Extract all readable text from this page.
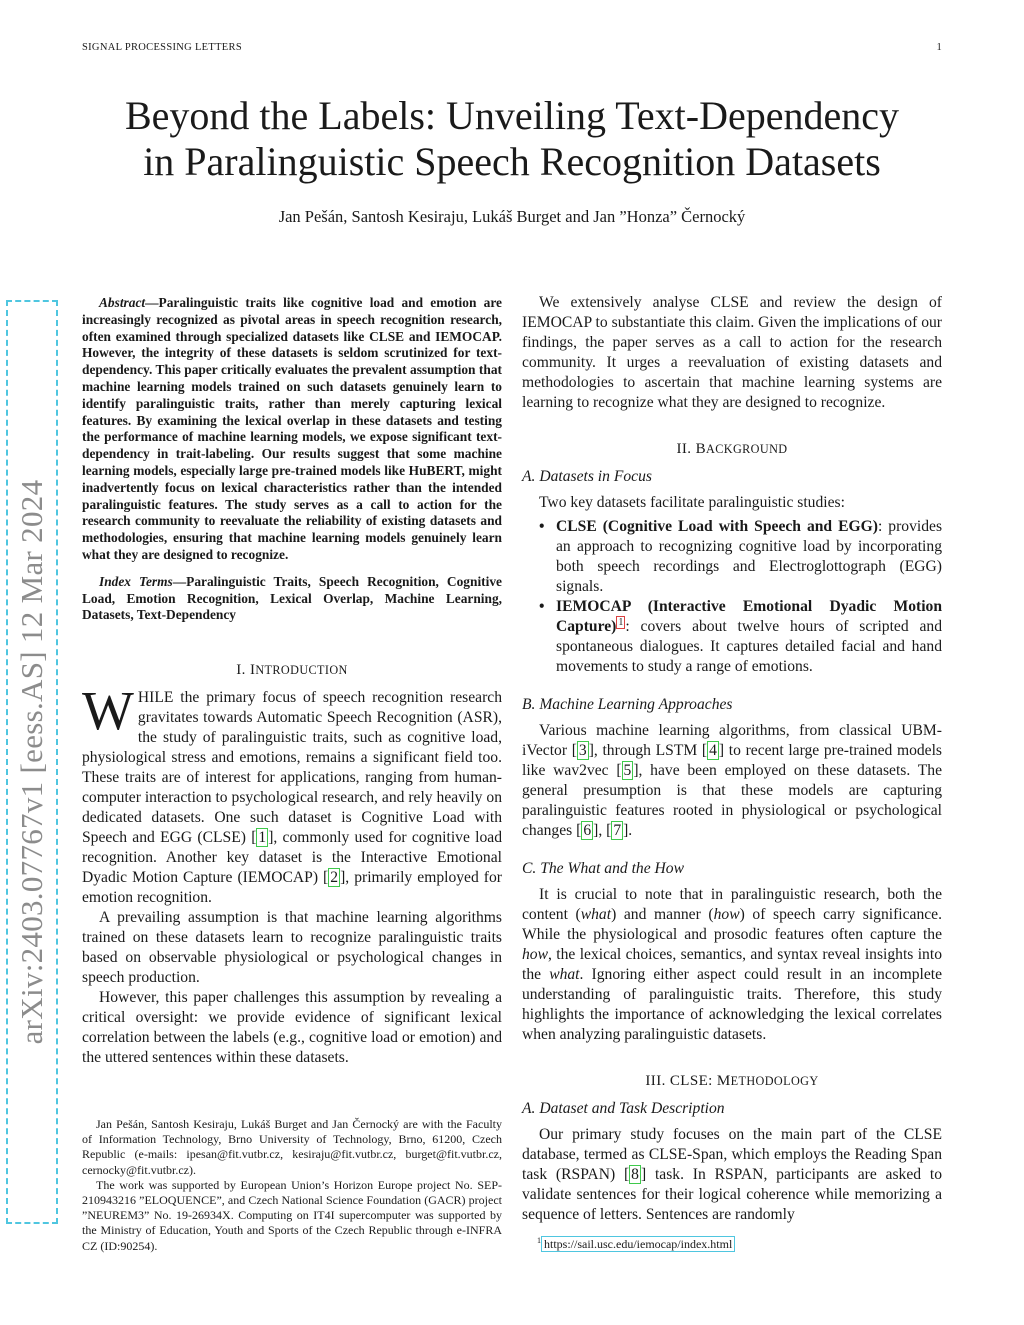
SIGNAL PROCESSING LETTERS	1
Beyond the Labels: Unveiling Text-Dependency
in Paralinguistic Speech Recognition Datasets
Jan Pešán, Santosh Kesiraju, Lukáš Burget and Jan ”Honza” Černocký
arXiv:2403.07767v1 [eess.AS] 12 Mar 2024

Abstract—Paralinguistic traits like cognitive load and emotion are increasingly recognized as pivotal areas in speech recognition research, often examined through specialized datasets like CLSE and IEMOCAP. However, the integrity of these datasets is seldom scrutinized for text-dependency. This paper critically evaluates the prevalent assumption that machine learning models trained on such datasets genuinely learn to identify paralinguistic traits, rather than merely capturing lexical features. By examining the lexical overlap in these datasets and testing the performance of machine learning models, we expose significant text-dependency in trait-labeling. Our results suggest that some machine learning models, especially large pre-trained models like HuBERT, might inadvertently focus on lexical characteristics rather than the intended paralinguistic features. The study serves as a call to action for the research community to reevaluate the reliability of existing datasets and methodologies, ensuring that machine learning models genuinely learn what they are designed to recognize.

Index Terms—Paralinguistic Traits, Speech Recognition, Cognitive Load, Emotion Recognition, Lexical Overlap, Machine Learning, Datasets, Text-Dependency

I. INTRODUCTION

WHILE the primary focus of speech recognition research gravitates towards Automatic Speech Recognition (ASR), the study of paralinguistic traits, such as cognitive load, physiological stress and emotions, remains a significant field too. These traits are of interest for applications, ranging from human-computer interaction to psychological research, and rely heavily on dedicated datasets. One such dataset is Cognitive Load with Speech and EGG (CLSE) [ 1 ], commonly used for cognitive load recognition. Another key dataset is the Interactive Emotional Dyadic Motion Capture (IEMOCAP) [ 2 ], primarily employed for emotion recognition.

A prevailing assumption is that machine learning algorithms trained on these datasets learn to recognize paralinguistic traits based on observable physiological or psychological changes in speech production.

However, this paper challenges this assumption by revealing a critical oversight: we provide evidence of significant lexical correlation between the labels (e.g., cognitive load or emotion) and the uttered sentences within these datasets.

Jan Pešán, Santosh Kesiraju, Lukáš Burget and Jan Černocký are with the Faculty of Information Technology, Brno University of Technology, Brno, 61200, Czech Republic (e-mails: ipesan@fit.vutbr.cz, kesiraju@fit.vutbr.cz, burget@fit.vutbr.cz, cernocky@fit.vutbr.cz).

The work was supported by European Union’s Horizon Europe project No. SEP-210943216 ”ELOQUENCE”, and Czech National Science Foundation (GACR) project ”NEUREM3” No. 19-26934X. Computing on IT4I supercomputer was supported by the Ministry of Education, Youth and Sports of the Czech Republic through e-INFRA CZ (ID:90254).

We extensively analyse CLSE and review the design of IEMOCAP to substantiate this claim. Given the implications of our findings, the paper serves as a call to action for the research community. It urges a reevaluation of existing datasets and methodologies to ascertain that machine learning systems are learning to recognize what they are designed to recognize.

II. BACKGROUND
A. Datasets in Focus

Two key datasets facilitate paralinguistic studies:

• CLSE (Cognitive Load with Speech and EGG): provides an approach to recognizing cognitive load by incorporating both speech recordings and Electroglottograph (EGG) signals.
• IEMOCAP (Interactive Emotional Dyadic Motion Capture) $^1$ : covers about twelve hours of scripted and spontaneous dialogues. It captures detailed facial and hand movements to study a range of emotions.
B. Machine Learning Approaches

Various machine learning algorithms, from classical UBM-iVector [ 3 ], through LSTM [ 4 ] to recent large pre-trained models like wav2vec [ 5 ], have been employed on these datasets. The general presumption is that these models are capturing paralinguistic features rooted in physiological or psychological changes [ 6 ], [ 7 ].

C. The What and the How

It is crucial to note that in paralinguistic research, both the content (what) and manner (how) of speech carry significance. While the physiological and prosodic features often capture the how, the lexical choices, semantics, and syntax reveal insights into the what. Ignoring either aspect could result in an incomplete understanding of paralinguistic traits. Therefore, this study highlights the importance of acknowledging the lexical correlates when analyzing paralinguistic datasets.

III. CLSE: METHODOLOGY
A. Dataset and Task Description

Our primary study focuses on the main part of the CLSE database, termed as CLSE-Span, which employs the Reading Span task (RSPAN) [ 8 ] task. In RSPAN, participants are asked to validate sentences for their logical coherence while memorizing a sequence of letters. Sentences are randomly

$^1$ https://sail.usc.edu/iemocap/index.html
